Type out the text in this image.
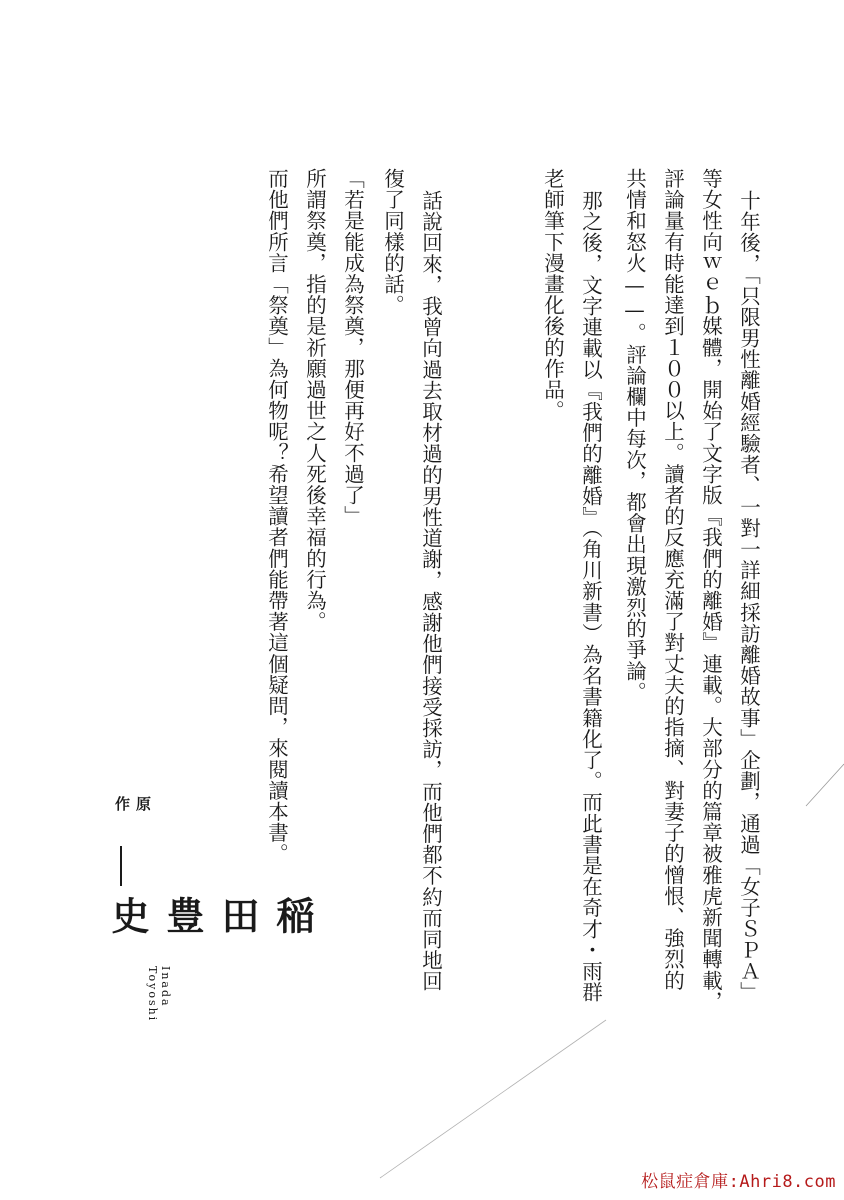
十年後，「只限男性離婚經驗者、一對一詳細採訪離婚故事」企劃，通過「女子ＳＰＡ」
等女性向ｗｅｂ媒體，開始了文字版『我們的離婚』連載。大部分的篇章被雅虎新聞轉載，
評論量有時能達到１００以上。讀者的反應充滿了對丈夫的指摘、對妻子的憎恨、強烈的
共情和怒火——。評論欄中每次，都會出現激烈的爭論。
那之後，文字連載以『我們的離婚』（角川新書）為名書籍化了。而此書是在奇才・雨群
老師筆下漫畫化後的作品。
話說回來，我曾向過去取材過的男性道謝，感謝他們接受採訪，而他們都不約而同地回
復了同樣的話。
「若是能成為祭奠，那便再好不過了」
所謂祭奠，指的是祈願過世之人死後幸福的行為。
而他們所言「祭奠」為何物呢？希望讀者們能帶著這個疑問，來閱讀本書。
原作
稲田豊史
Inada Toyoshi
松鼠症倉庫:Ahri8.com
